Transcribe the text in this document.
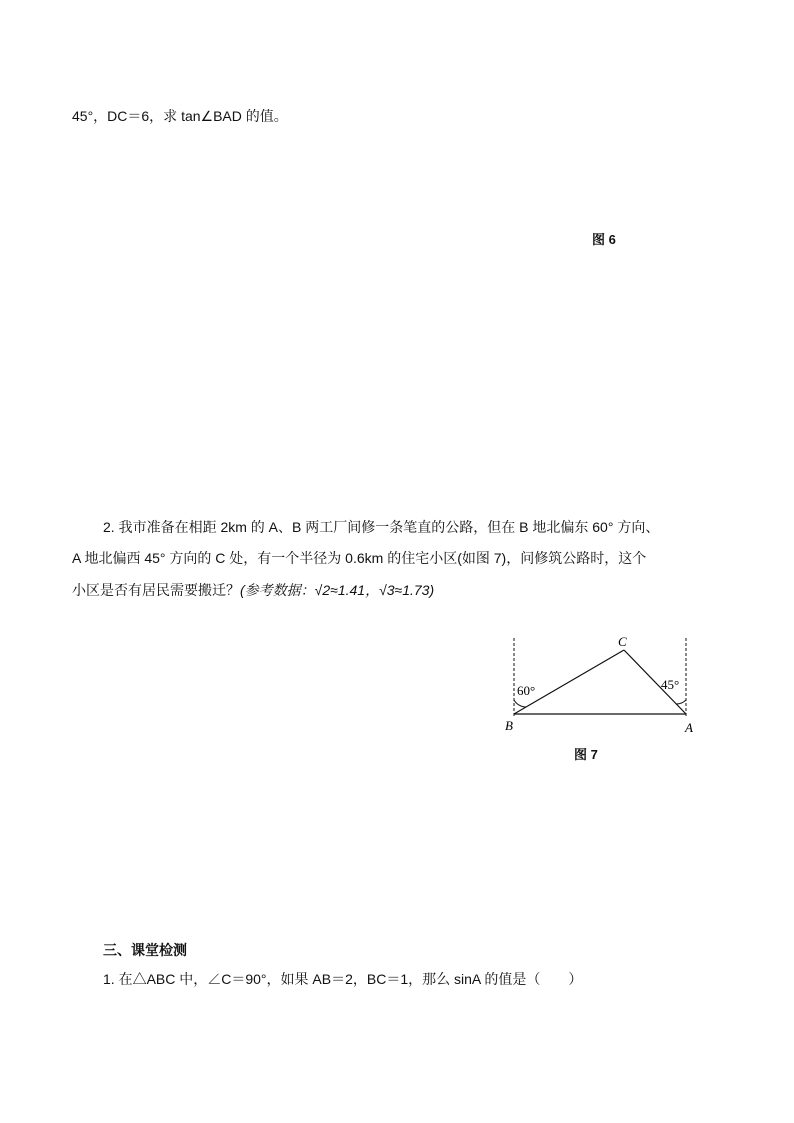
45°，DC＝6，求 tan∠BAD 的值。
图 6
2. 我市准备在相距 2km 的 A、B 两工厂间修一条笔直的公路，但在 B 地北偏东 60° 方向、
A 地北偏西 45° 方向的 C 处，有一个半径为 0.6km 的住宅小区(如图 7)，问修筑公路时，这个
小区是否有居民需要搬迁？(参考数据：√2≈1.41，√3≈1.73)
60°	45°
C
B	A
图 7
三、课堂检测
1. 在△ABC 中，∠C＝90°，如果 AB＝2，BC＝1，那么 sinA 的值是（　　）
